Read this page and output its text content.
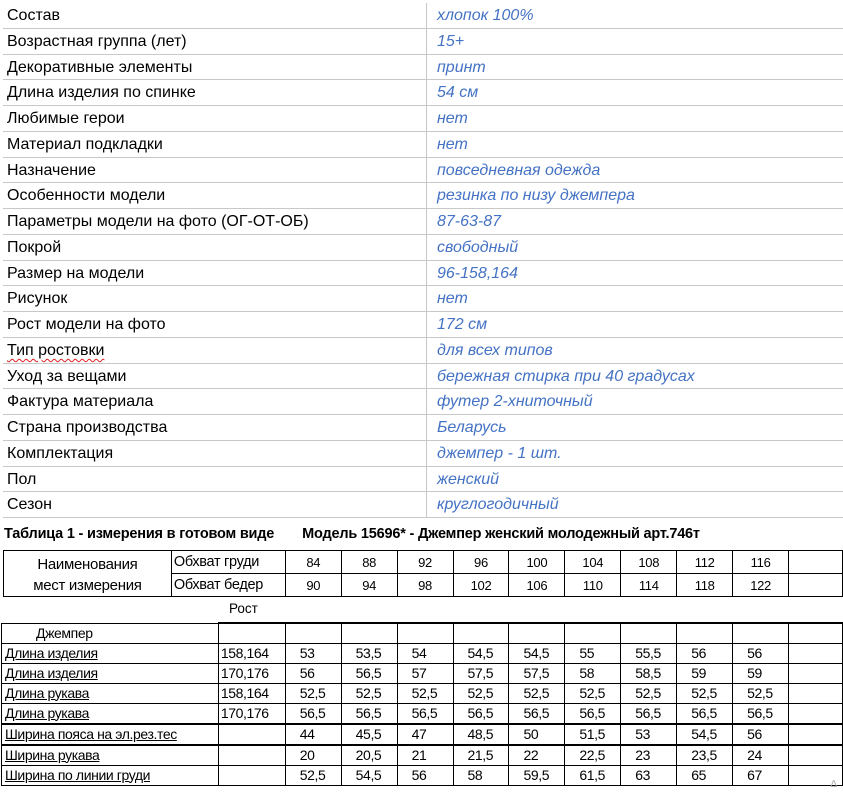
Состав	хлопок 100%
Возрастная группа (лет)	15+
Декоративные элементы	принт
Длина изделия по спинке	54 см
Любимые герои	нет
Материал подкладки	нет
Назначение	повседневная одежда
Особенности модели	резинка по низу джемпера
Параметры модели на фото (ОГ-ОТ-ОБ)	87-63-87
Покрой	свободный
Размер на модели	96-158,164
Рисунок	нет
Рост модели на фото	172 см
Тип ростовки	для всех типов
Уход за вещами	бережная стирка при 40 градусах
Фактура материала	футер 2-хниточный
Страна производства	Беларусь
Комплектация	джемпер - 1 шт.
Пол	женский
Сезон	круглогодичный
Таблица 1 - измерения в готовом виде Модель 15696* - Джемпер женский молодежный арт.746т
Наименования
мест измерения	Обхват груди	84	88	92	96	100	104	108	112	116	
	Обхват бедер	90	94	98	102	106	110	114	118	122	
Рост
Джемпер											
Длина изделия	158,164	53	53,5	54	54,5	54,5	55	55,5	56	56	
Длина изделия	170,176	56	56,5	57	57,5	57,5	58	58,5	59	59	
Длина рукава	158,164	52,5	52,5	52,5	52,5	52,5	52,5	52,5	52,5	52,5	
Длина рукава	170,176	56,5	56,5	56,5	56,5	56,5	56,5	56,5	56,5	56,5	
Ширина пояса на эл.рез.тес		44	45,5	47	48,5	50	51,5	53	54,5	56	
Ширина рукава		20	20,5	21	21,5	22	22,5	23	23,5	24	
Ширина по линии груди		52,5	54,5	56	58	59,5	61,5	63	65	67	
Δ
